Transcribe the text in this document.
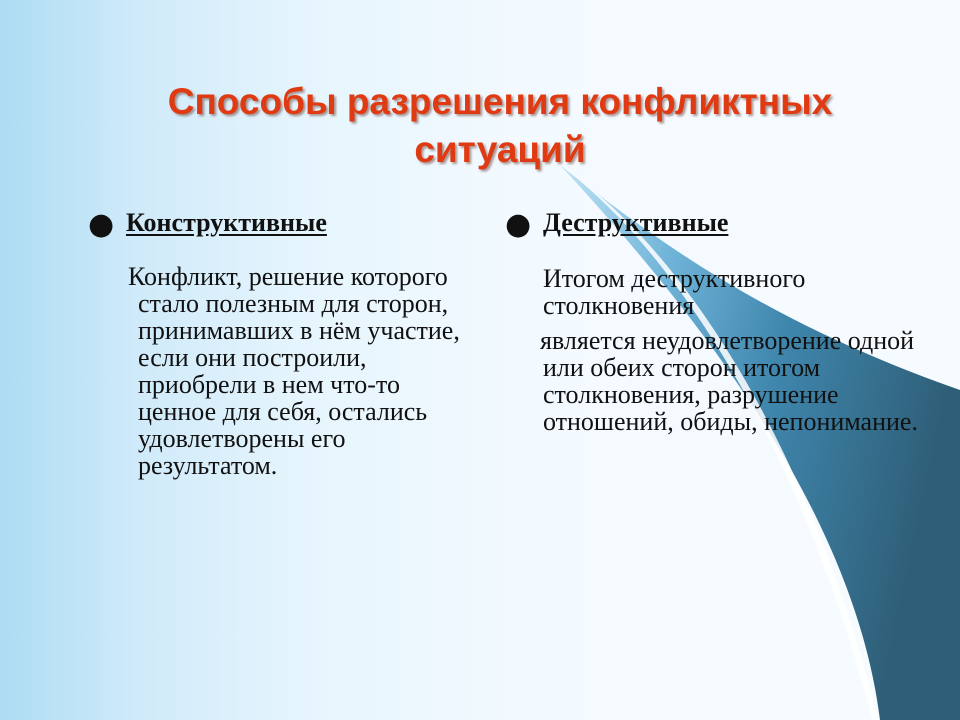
Способы разрешения конфликтных
ситуаций
● Конструктивные

Конфликт, решение которого стало полезным для сторон, принимавших в нём участие, если они построили, приобрели в нем что-то ценное для себя, остались удовлетворены его результатом.

● Деструктивные

Итогом деструктивного столкновения

является неудовлетворение одной или обеих сторон итогом столкновения, разрушение отношений, обиды, непонимание.
